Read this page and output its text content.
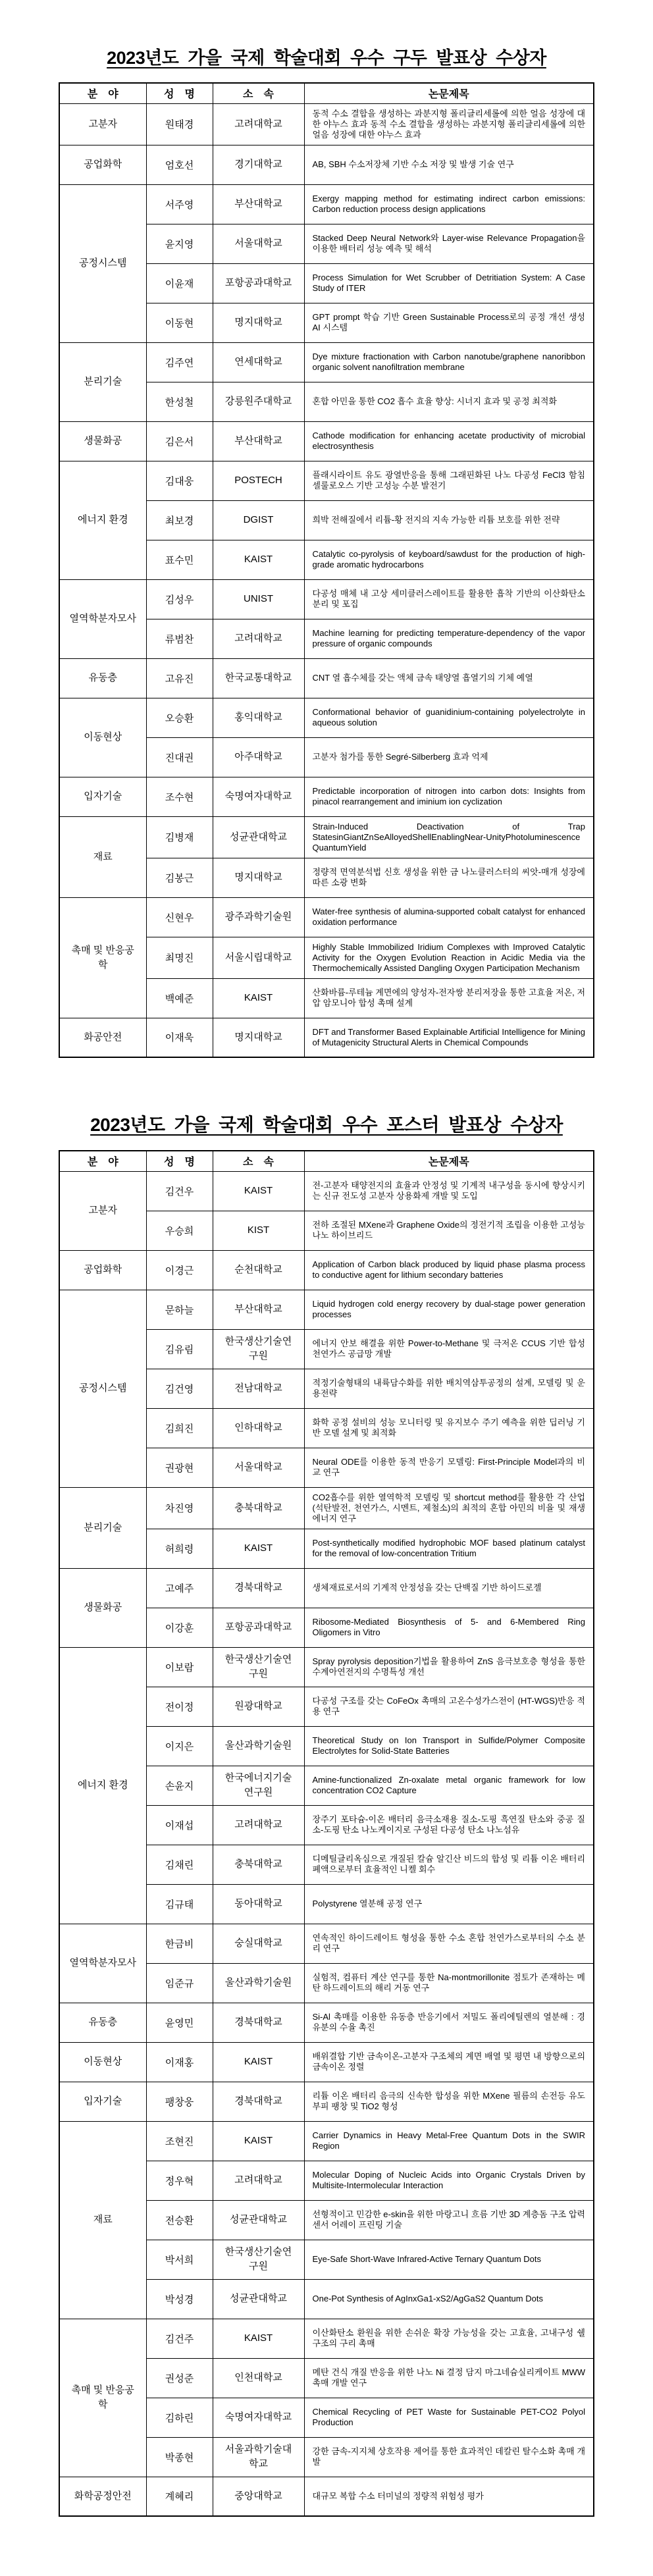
2023년도 가을 국제 학술대회 우수 구두 발표상 수상자
분　야	성　명	소　속	논문제목
고분자	원태경	고려대학교	동적 수소 결합을 생성하는 과분지형 폴리글리세롤에 의한 얼음 성장에 대한 야누스 효과 동적 수소 결합을 생성하는 과분지형 폴리글리세롤에 의한 얼음 성장에 대한 야누스 효과
공업화학	엄호선	경기대학교	AB, SBH 수소저장체 기반 수소 저장 및 발생 기술 연구
공정시스템	서주영	부산대학교	Exergy mapping method for estimating indirect carbon emissions: Carbon reduction process design applications
	윤지영	서울대학교	Stacked Deep Neural Network와 Layer-wise Relevance Propagation을 이용한 배터리 성능 예측 및 해석
	이윤재	포항공과대학교	Process Simulation for Wet Scrubber of Detritiation System: A Case Study of ITER
	이동현	명지대학교	GPT prompt 학습 기반 Green Sustainable Process로의 공정 개선 생성 AI 시스템
분리기술	김주연	연세대학교	Dye mixture fractionation with Carbon nanotube/graphene nanoribbon organic solvent nanofiltration membrane
	한성철	강릉원주대학교	혼합 아민을 통한 CO2 흡수 효율 향상: 시너지 효과 및 공정 최적화
생물화공	김은서	부산대학교	Cathode modification for enhancing acetate productivity of microbial electrosynthesis
에너지 환경	김대웅	POSTECH	플래시라이트 유도 광열반응을 통해 그래핀화된 나노 다공성 FeCl3 함침 셀룰로오스 기반 고성능 수분 발전기
	최보경	DGIST	희박 전해질에서 리튬-황 전지의 지속 가능한 리튬 보호를 위한 전략
	표수민	KAIST	Catalytic co-pyrolysis of keyboard/sawdust for the production of high-grade aromatic hydrocarbons
열역학분자모사	김성우	UNIST	다공성 매체 내 고상 세미클러스레이트를 활용한 흡착 기반의 이산화탄소 분리 및 포집
	류범찬	고려대학교	Machine learning for predicting temperature-dependency of the vapor pressure of organic compounds
유동층	고유진	한국교통대학교	CNT 열 흡수체를 갖는 액체 금속 태양열 흡열기의 기체 예열
이동현상	오승환	홍익대학교	Conformational behavior of guanidinium-containing polyelectrolyte in aqueous solution
	진대권	아주대학교	고분자 첨가를 통한 Segré-Silberberg 효과 억제
입자기술	조수현	숙명여자대학교	Predictable incorporation of nitrogen into carbon dots: Insights from pinacol rearrangement and iminium ion cyclization
재료	김병재	성균관대학교	Strain-Induced Deactivation of Trap StatesinGiantZnSeAlloyedShellEnablingNear-UnityPhotoluminescence QuantumYield
	김봉근	명지대학교	정량적 면역분석법 신호 생성을 위한 금 나노클러스터의 씨앗-매개 성장에 따른 소광 변화
촉매 및 반응공학	신현우	광주과학기술원	Water-free synthesis of alumina-supported cobalt catalyst for enhanced oxidation performance
	최명진	서울시립대학교	Highly Stable Immobilized Iridium Complexes with Improved Catalytic Activity for the Oxygen Evolution Reaction in Acidic Media via the Thermochemically Assisted Dangling Oxygen Participation Mechanism
	백예준	KAIST	산화바륨-루테늄 계면에의 양성자-전자쌍 분리저장을 통한 고효율 저온, 저압 암모니아 합성 촉매 설계
화공안전	이재욱	명지대학교	DFT and Transformer Based Explainable Artificial Intelligence for Mining of Mutagenicity Structural Alerts in Chemical Compounds
2023년도 가을 국제 학술대회 우수 포스터 발표상 수상자
분　야	성　명	소　속	논문제목
고분자	김건우	KAIST	전-고분자 태양전지의 효율과 안정성 및 기계적 내구성을 동시에 향상시키는 신규 전도성 고분자 상용화제 개발 및 도입
	우승희	KIST	전하 조절된 MXene과 Graphene Oxide의 정전기적 조립을 이용한 고성능 나노 하이브리드
공업화학	이경근	순천대학교	Application of Carbon black produced by liquid phase plasma process to conductive agent for lithium secondary batteries
공정시스템	문하늘	부산대학교	Liquid hydrogen cold energy recovery by dual-stage power generation processes
	김유림	한국생산기술연구원	에너지 안보 해결을 위한 Power-to-Methane 및 극저온 CCUS 기반 합성천연가스 공급망 개발
	김건영	전남대학교	적정기술형태의 내륙담수화를 위한 배치역삼투공정의 설계, 모델링 및 운용전략
	김희진	인하대학교	화학 공정 설비의 성능 모니터링 및 유지보수 주기 예측을 위한 딥러닝 기반 모델 설계 및 최적화
	권광현	서울대학교	Neural ODE를 이용한 동적 반응기 모델링: First-Principle Model과의 비교 연구
분리기술	차진영	충북대학교	CO2흡수를 위한 열역학적 모델링 및 shortcut method를 활용한 각 산업(석탄발전, 천연가스, 시멘트, 제철소)의 최적의 혼합 아민의 비율 및 재생에너지 연구
	허희령	KAIST	Post-synthetically modified hydrophobic MOF based platinum catalyst for the removal of low-concentration Tritium
생물화공	고예주	경북대학교	생체재료로서의 기계적 안정성을 갖는 단백질 기반 하이드로젤
	이강훈	포항공과대학교	Ribosome-Mediated Biosynthesis of 5- and 6-Membered Ring Oligomers in Vitro
에너지 환경	이보람	한국생산기술연구원	Spray pyrolysis deposition기법을 활용하여 ZnS 음극보호층 형성을 통한 수계아연전지의 수명특성 개선
	전이정	원광대학교	다공성 구조를 갖는 CoFeOx 촉매의 고온수성가스전이 (HT-WGS)반응 적용 연구
	이지은	울산과학기술원	Theoretical Study on Ion Transport in Sulfide/Polymer Composite Electrolytes for Solid-State Batteries
	손윤지	한국에너지기술연구원	Amine-functionalized Zn-oxalate metal organic framework for low concentration CO2 Capture
	이재섭	고려대학교	장주기 포타슘-이온 배터리 음극소재용 질소-도핑 흑연질 탄소와 중공 질소-도핑 탄소 나노케이지로 구성된 다공성 탄소 나노섬유
	김채린	충북대학교	디메틸글리옥심으로 개질된 칼슘 알긴산 비드의 합성 및 리튬 이온 배터리 폐액으로부터 효율적인 니켈 회수
	김규태	동아대학교	Polystyrene 열분해 공정 연구
열역학분자모사	한금비	숭실대학교	연속적인 하이드레이트 형성을 통한 수소 혼합 천연가스로부터의 수소 분리 연구
	임준규	울산과학기술원	실험적, 컴퓨터 계산 연구를 통한 Na-montmorillonite 점토가 존재하는 메탄 하드레이트의 해리 거동 연구
유동층	윤영민	경북대학교	Si-Al 촉매를 이용한 유동층 반응기에서 저밀도 폴리에틸렌의 열분해 : 경유분의 수율 촉진
이동현상	이재홍	KAIST	배위결합 기반 금속이온-고분자 구조체의 계면 배열 및 평면 내 방향으로의 금속이온 정렬
입자기술	팽창웅	경북대학교	리튬 이온 배터리 음극의 신속한 합성을 위한 MXene 필름의 손전등 유도 부피 팽창 및 TiO2 형성
재료	조현진	KAIST	Carrier Dynamics in Heavy Metal-Free Quantum Dots in the SWIR Region
	정우혁	고려대학교	Molecular Doping of Nucleic Acids into Organic Crystals Driven by Multisite-Intermolecular Interaction
	전승환	성균관대학교	선형적이고 민감한 e-skin을 위한 마랑고니 흐름 기반 3D 계층돔 구조 압력센서 어레이 프린팅 기술
	박서희	한국생산기술연구원	Eye-Safe Short-Wave Infrared-Active Ternary Quantum Dots
	박성경	성균관대학교	One-Pot Synthesis of AgInxGa1-xS2/AgGaS2 Quantum Dots
촉매 및 반응공학	김건주	KAIST	이산화탄소 환원을 위한 손쉬운 확장 가능성을 갖는 고효율, 고내구성 쉘 구조의 구리 촉매
	권성준	인천대학교	메탄 건식 개질 반응을 위한 나노 Ni 결정 담지 마그네슘실리케이트 MWW 촉매 개발 연구
	김하린	숙명여자대학교	Chemical Recycling of PET Waste for Sustainable PET-CO2 Polyol Production
	박종현	서울과학기술대학교	강한 금속-지지체 상호작용 제어를 통한 효과적인 데칼린 탈수소화 촉매 개발
화학공정안전	계혜리	중앙대학교	대규모 복합 수소 터미널의 정량적 위험성 평가
